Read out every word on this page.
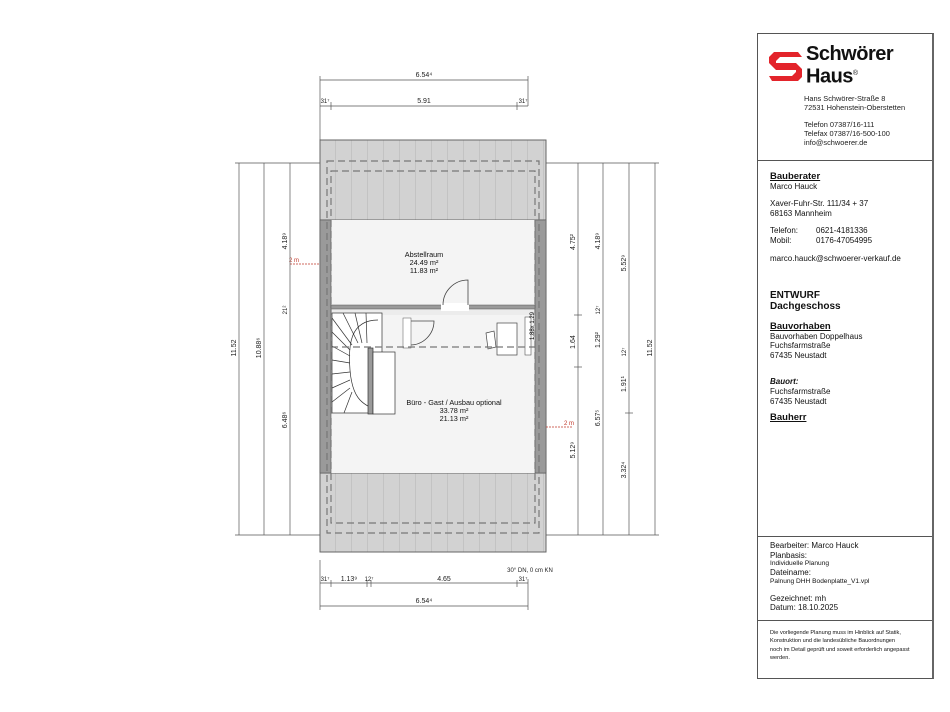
1.88x 1.29
Abstellraum
24.49 m²
11.83 m²
Büro - Gast / Ausbau optional
33.78 m²
21.13 m²
2 m
2 m
6.54⁴
31⁷	5.91	31⁷
31⁷ 1.13⁹ 12⁷	4.65	31⁷
6.54⁴
30° DN, 0 cm KN
11.52	10.88⁶
4.18⁹
21²
6.48⁶
4.75²
1.64
5.12⁹
4.18⁹
12⁷
1.29²
6.57⁵
5.52⁹
12⁷
1.91¹
3.32⁴
11.52
Schwörer
Haus®
Hans Schwörer-Straße 8
72531 Hohenstein-Oberstetten
Telefon 07387/16-111
Telefax 07387/16-500-100
info@schwoerer.de
Bauberater
Marco Hauck
Xaver-Fuhr-Str. 111/34 + 37
68163 Mannheim
Telefon:	0621-4181336
Mobil:	0176-47054995
marco.hauck@schwoerer-verkauf.de
ENTWURF
Dachgeschoss
Bauvorhaben
Bauvorhaben Doppelhaus
Fuchsfarmstraße
67435 Neustadt
Bauort:
Fuchsfarmstraße
67435 Neustadt
Bauherr
Bearbeiter: Marco Hauck
Planbasis:
Individuelle Planung
Dateiname:
Palnung DHH Bodenplatte_V1.vpl
Gezeichnet: mh
Datum: 18.10.2025
Die vorliegende Planung muss im Hinblick auf Statik,
Konstruktion und die landesübliche Bauordnungen
noch im Detail geprüft und soweit erforderlich angepasst
werden.
